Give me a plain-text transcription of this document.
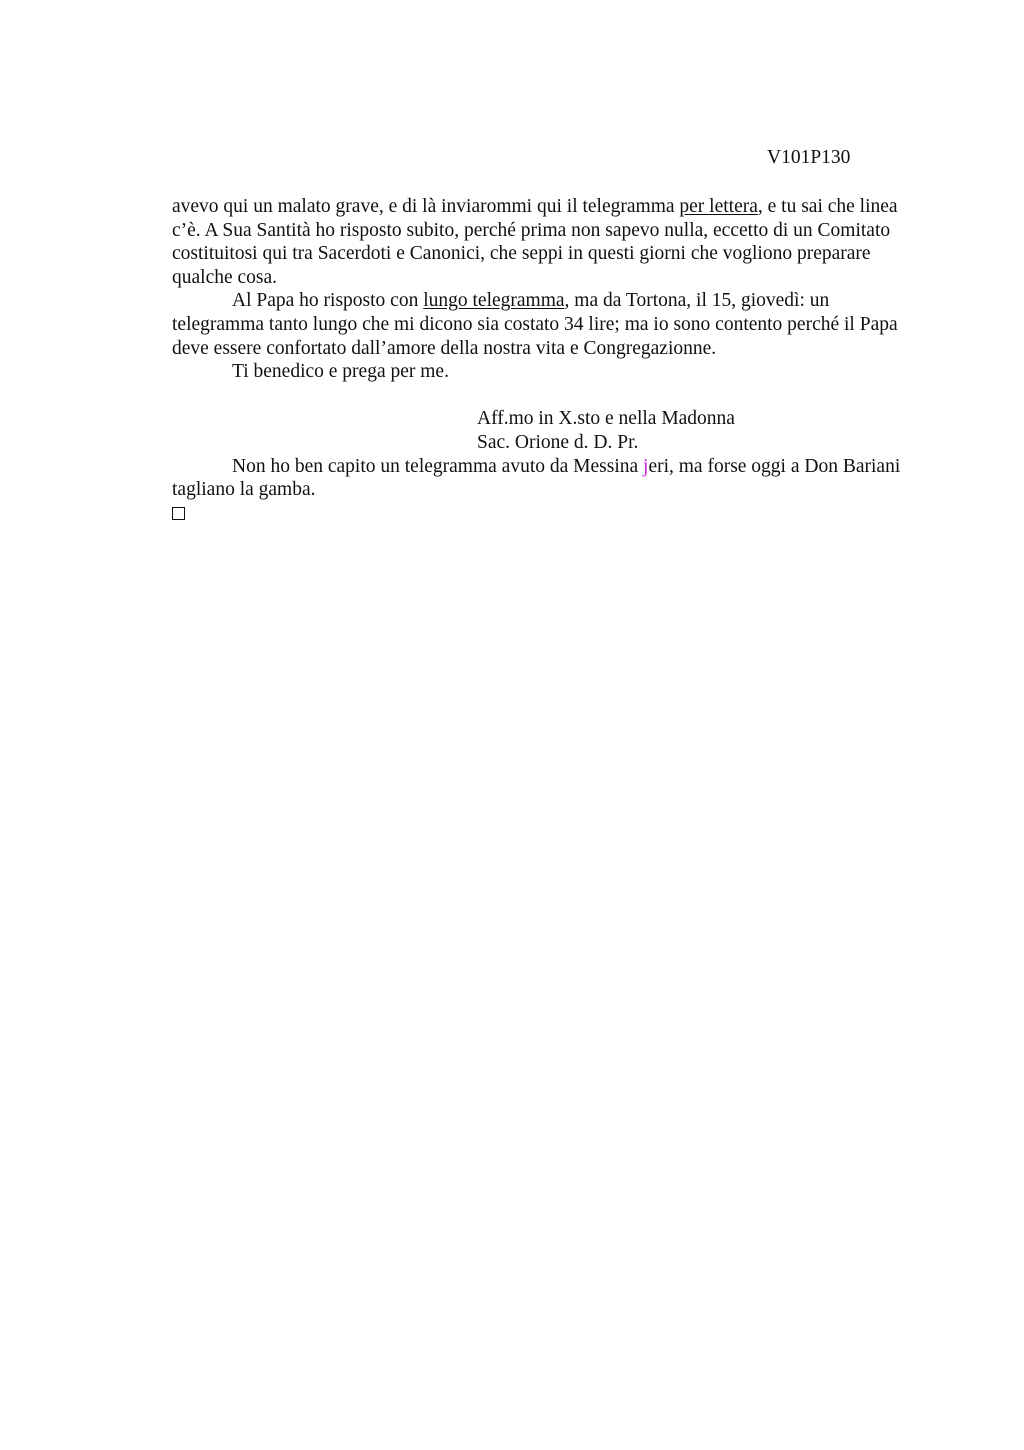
V101P130

avevo qui un malato grave, e di là inviarommi qui il telegramma per lettera, e tu sai che linea c’è. A Sua Santità ho risposto subito, perché prima non sapevo nulla, eccetto di un Comitato costituitosi qui tra Sacerdoti e Canonici, che seppi in questi giorni che vogliono preparare qualche cosa.

Al Papa ho risposto con lungo telegramma, ma da Tortona, il 15, giovedì: un telegramma tanto lungo che mi dicono sia costato 34 lire; ma io sono contento perché il Papa deve essere confortato dall’amore della nostra vita e Congregazionne.

Ti benedico e prega per me.

Aff.mo in X.sto e nella Madonna
Sac. Orione d. D. Pr.

Non ho ben capito un telegramma avuto da Messina jeri, ma forse oggi a Don Bariani tagliano la gamba.
